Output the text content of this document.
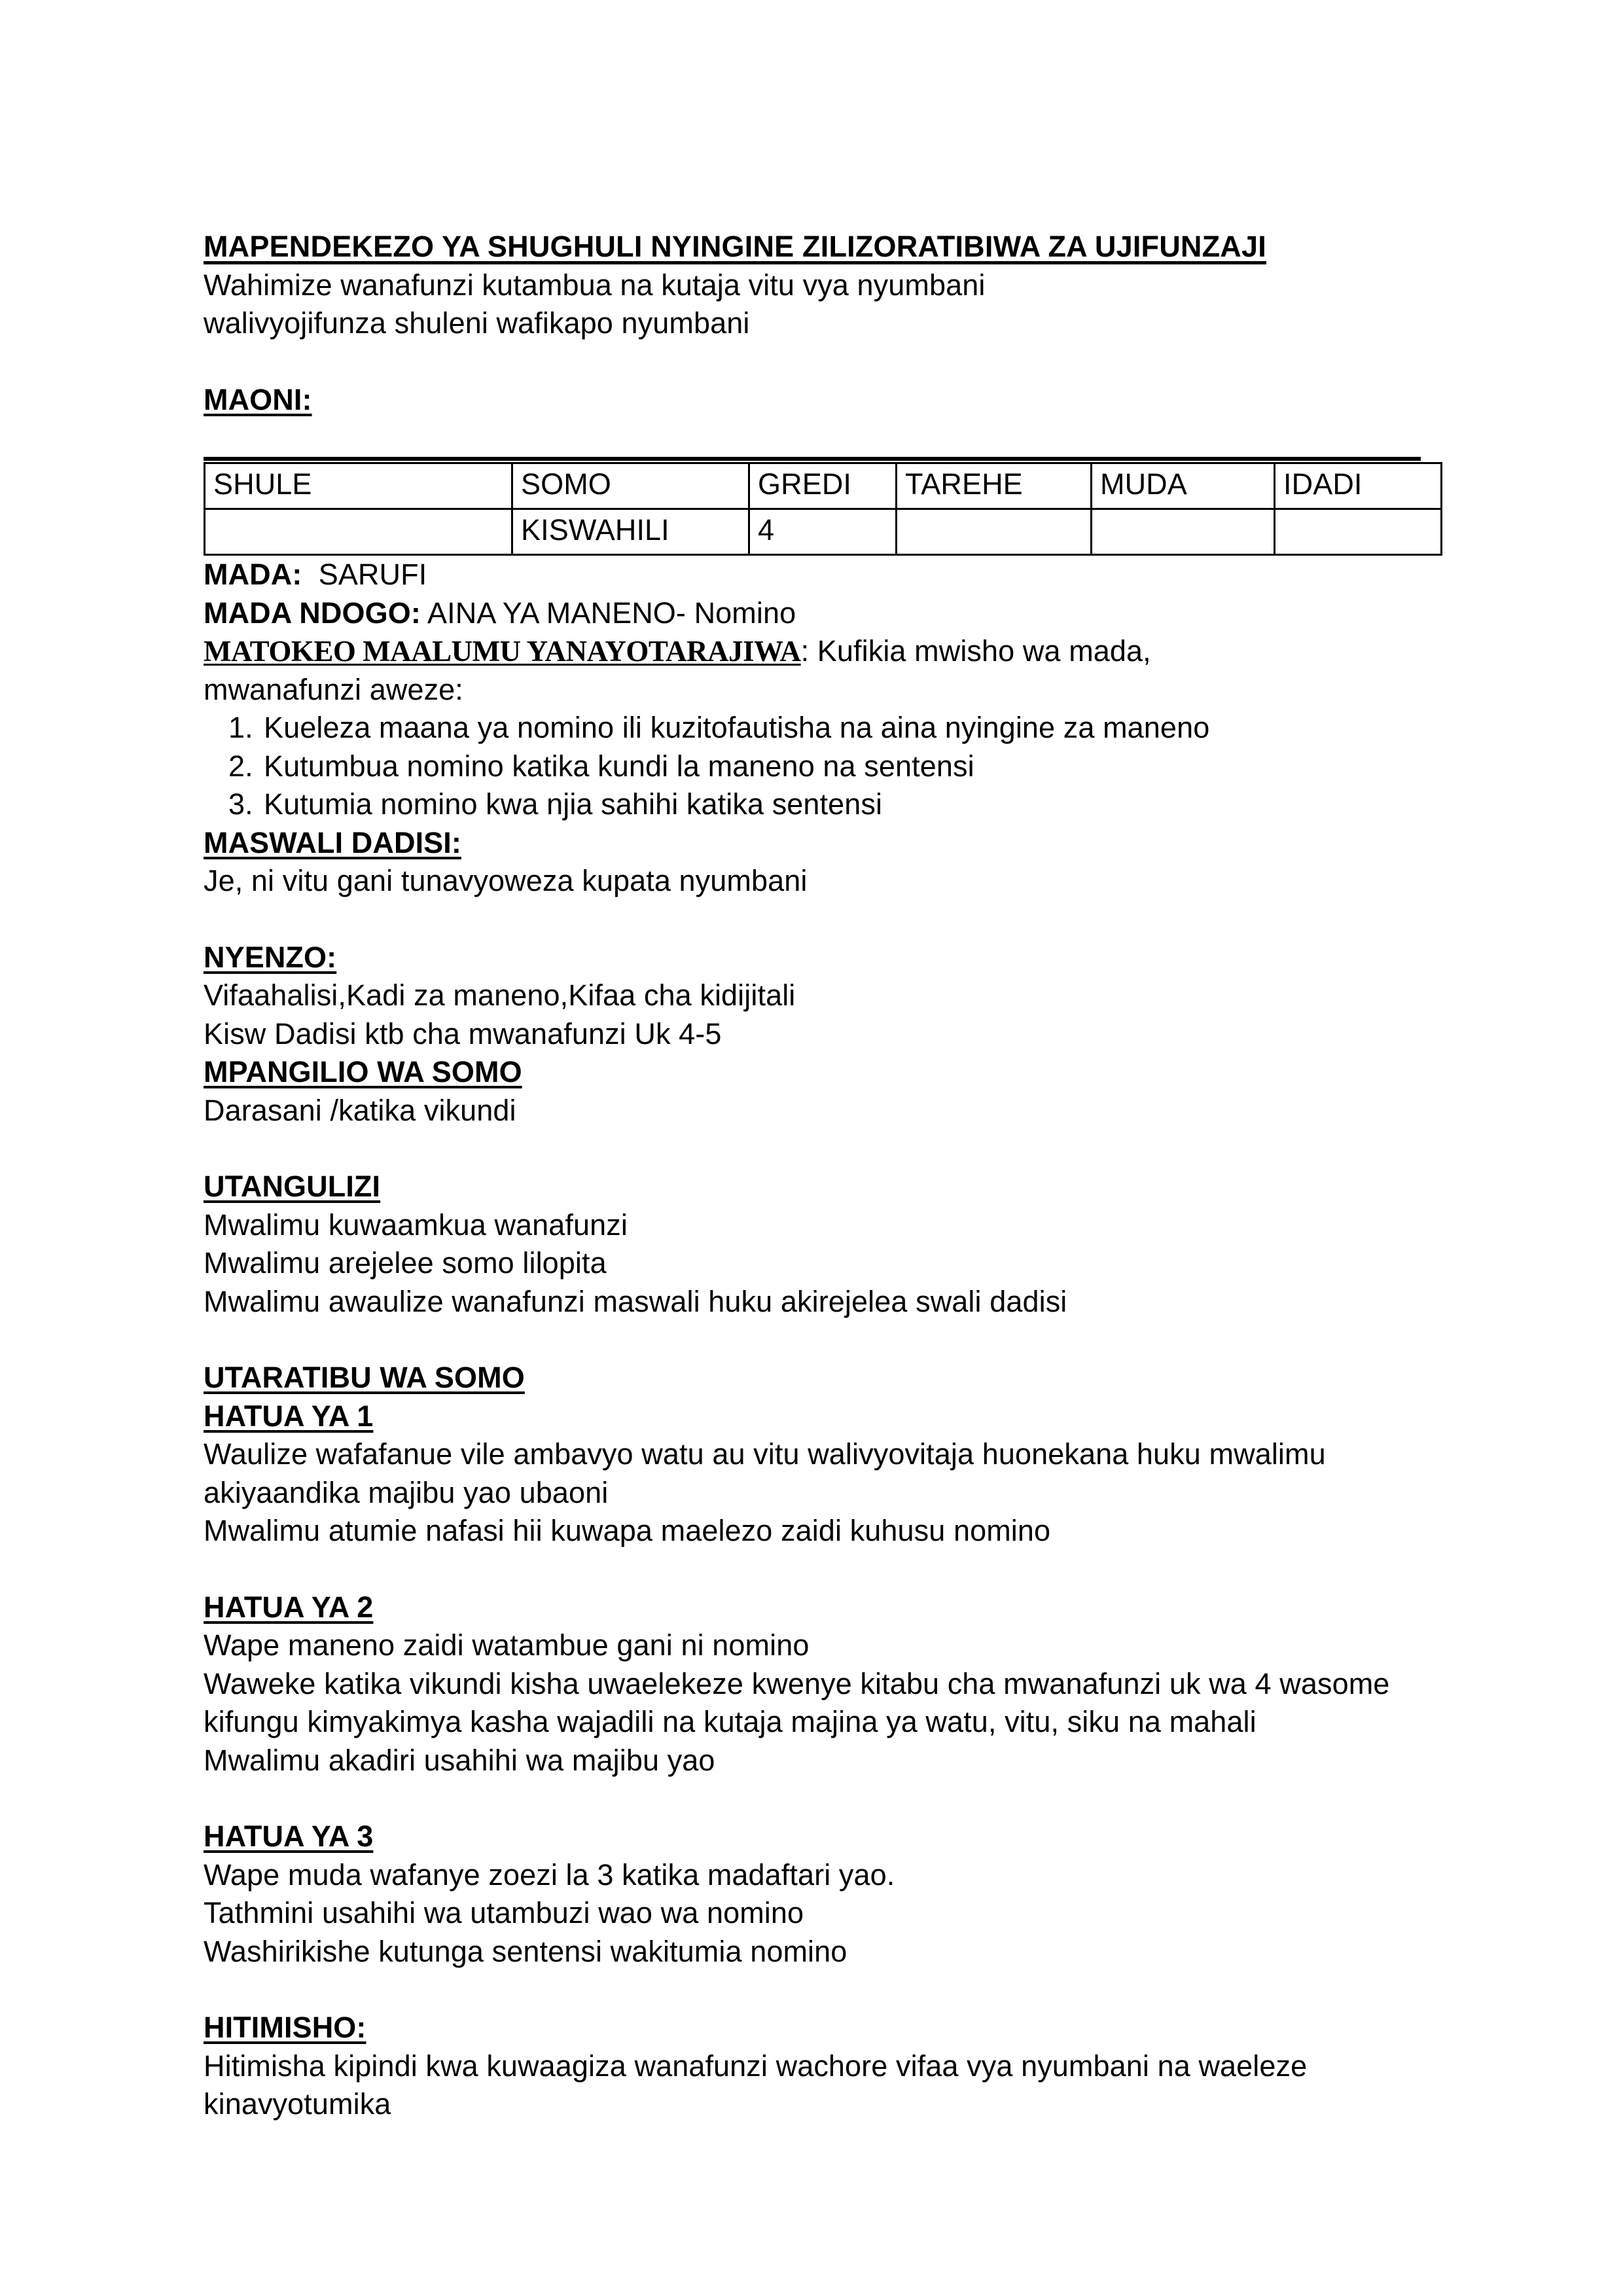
MAPENDEKEZO YA SHUGHULI NYINGINE ZILIZORATIBIWA ZA UJIFUNZAJI
Wahimize wanafunzi kutambua na kutaja vitu vya nyumbani
walivyojifunza shuleni wafikapo nyumbani
MAONI:
SHULE	SOMO	GREDI	TAREHE	MUDA	IDADI
	KISWAHILI	4			
MADA: SARUFI
MADA NDOGO: AINA YA MANENO- Nomino
MATOKEO MAALUMU YANAYOTARAJIWA: Kufikia mwisho wa mada,
mwanafunzi aweze:
1. Kueleza maana ya nomino ili kuzitofautisha na aina nyingine za maneno
2. Kutumbua nomino katika kundi la maneno na sentensi
3. Kutumia nomino kwa njia sahihi katika sentensi
MASWALI DADISI:
Je, ni vitu gani tunavyoweza kupata nyumbani
NYENZO:
Vifaahalisi,Kadi za maneno,Kifaa cha kidijitali
Kisw Dadisi ktb cha mwanafunzi Uk 4-5
MPANGILIO WA SOMO
Darasani /katika vikundi
UTANGULIZI
Mwalimu kuwaamkua wanafunzi
Mwalimu arejelee somo lilopita
Mwalimu awaulize wanafunzi maswali huku akirejelea swali dadisi
UTARATIBU WA SOMO
HATUA YA 1
Waulize wafafanue vile ambavyo watu au vitu walivyovitaja huonekana huku mwalimu akiyaandika majibu yao ubaoni
Mwalimu atumie nafasi hii kuwapa maelezo zaidi kuhusu nomino
HATUA YA 2
Wape maneno zaidi watambue gani ni nomino
Waweke katika vikundi kisha uwaelekeze kwenye kitabu cha mwanafunzi uk wa 4 wasome kifungu kimyakimya kasha wajadili na kutaja majina ya watu, vitu, siku na mahali
Mwalimu akadiri usahihi wa majibu yao
HATUA YA 3
Wape muda wafanye zoezi la 3 katika madaftari yao.
Tathmini usahihi wa utambuzi wao wa nomino
Washirikishe kutunga sentensi wakitumia nomino
HITIMISHO:
Hitimisha kipindi kwa kuwaagiza wanafunzi wachore vifaa vya nyumbani na waeleze kinavyotumika
